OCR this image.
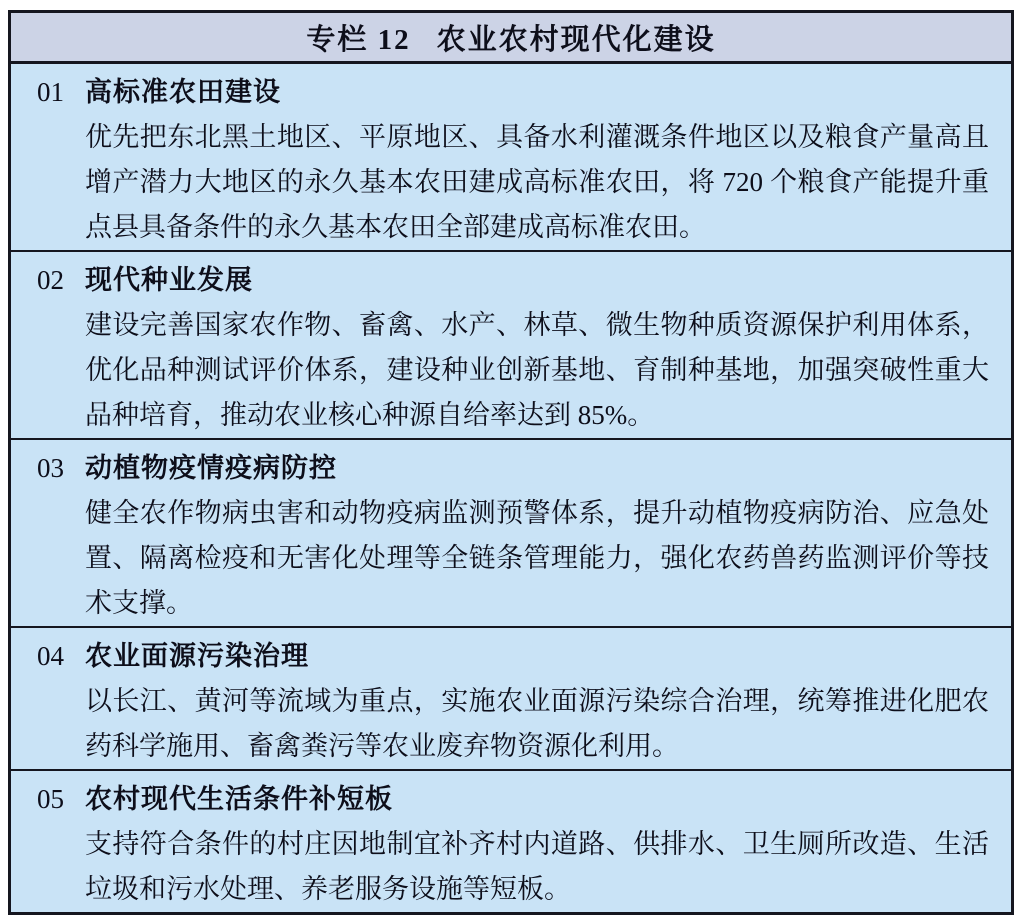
专栏 12 农业农村现代化建设
01 高标准农田建设
优先把东北黑土地区、平原地区、具备水利灌溉条件地区以及粮食产量高且增产潜力大地区的永久基本农田建成高标准农田，将 720 个粮食产能提升重点县具备条件的永久基本农田全部建成高标准农田。
02 现代种业发展
建设完善国家农作物、畜禽、水产、林草、微生物种质资源保护利用体系，优化品种测试评价体系，建设种业创新基地、育制种基地，加强突破性重大品种培育，推动农业核心种源自给率达到 85%。
03 动植物疫情疫病防控
健全农作物病虫害和动物疫病监测预警体系，提升动植物疫病防治、应急处置、隔离检疫和无害化处理等全链条管理能力，强化农药兽药监测评价等技术支撑。
04 农业面源污染治理
以长江、黄河等流域为重点，实施农业面源污染综合治理，统筹推进化肥农药科学施用、畜禽粪污等农业废弃物资源化利用。
05 农村现代生活条件补短板
支持符合条件的村庄因地制宜补齐村内道路、供排水、卫生厕所改造、生活垃圾和污水处理、养老服务设施等短板。
